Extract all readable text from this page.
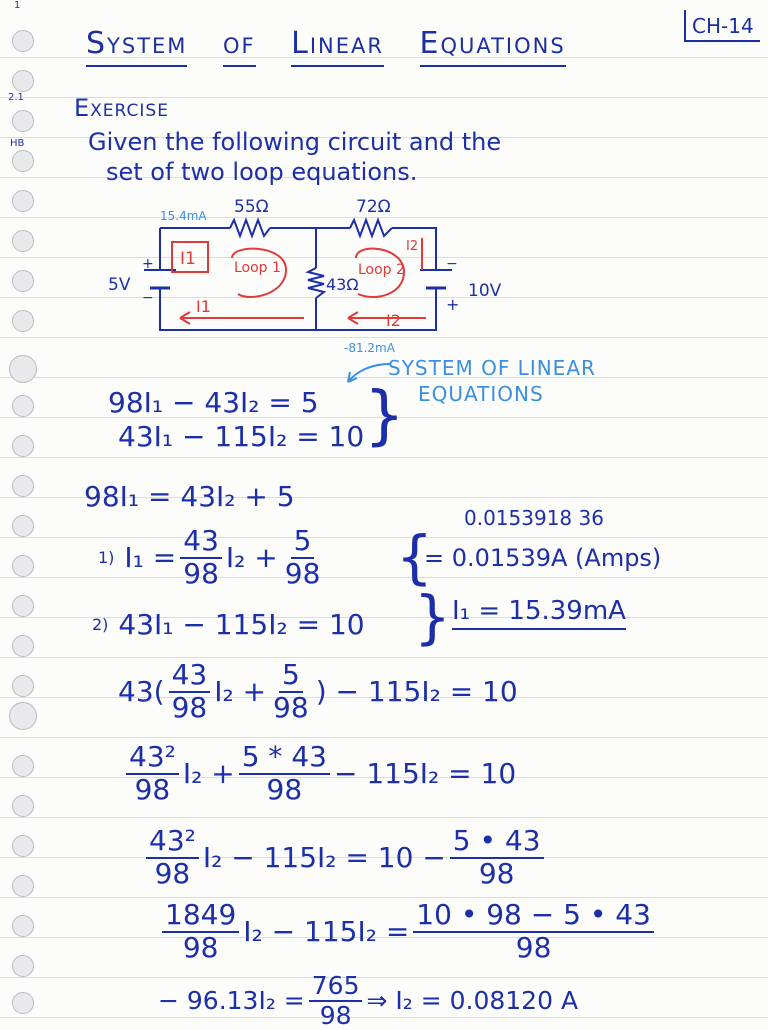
1
2.1
HB
System of Linear Equations	CH-14
Exercise
Given the following circuit and the
set of two loop equations.
+
−
−
+
55Ω	72Ω
43Ω
5V	10V
15.4mA
I1	Loop 1
I1
Loop 2
I2
I2
-81.2mA
SYSTEM OF LINEAR
EQUATIONS
98I₁ − 43I₂ = 5
43I₁ − 115I₂ = 10 }
98I₁ = 43I₂ + 5
0.0153918 36
1) $I_1 = \frac{43}{98} I_2 + \frac{5}{98}$ {
= 0.01539A (Amps)
2) 43I₁ − 115I₂ = 10 } I₁ = 15.39mA
$43( \frac{43}{98} I_2 + \frac{5}{98}$ ) − 115I₂ = 10
$\frac{\text{43²}}{98} I_2 + \frac{5 * 43}{98} - 115I_2 = 10$
$\frac{\text{43²}}{98} I_2 - 115I_2 = 10 - \frac{5 • 43}{98}$
$\frac{1849}{98} I_2 - 115I_2 = \frac{10 • 98 - 5 • 43}{98}$
− $96.13I_2 = \frac{765}{98}$ ⇒ I₂ = 0.08120 A
